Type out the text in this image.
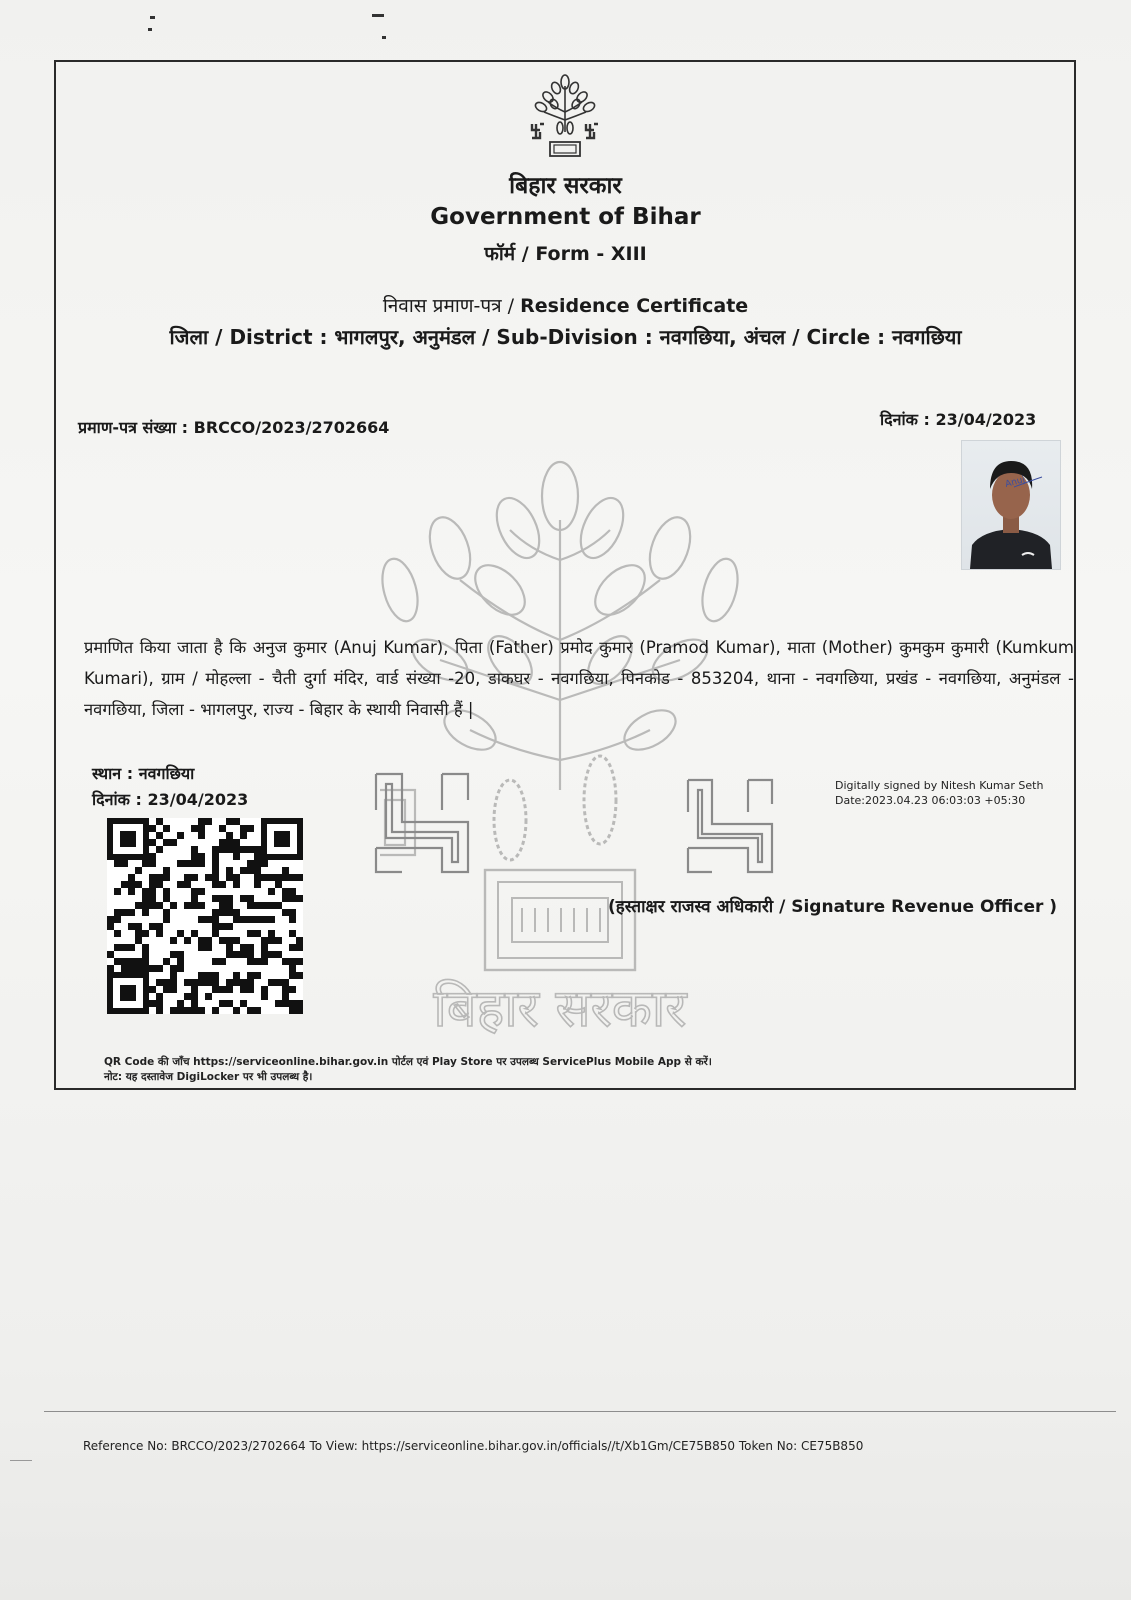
बिहार सरकार
Government of Bihar
फॉर्म / Form - XIII
निवास प्रमाण-पत्र / Residence Certificate
जिला / District : भागलपुर, अनुमंडल / Sub-Division : नवगछिया, अंचल / Circle : नवगछिया
प्रमाण-पत्र संख्या : BRCCO/2023/2702664	दिनांक : 23/04/2023
Anuj
बिहार सरकार
प्रमाणित किया जाता है कि अनुज कुमार (Anuj Kumar), पिता (Father) प्रमोद कुमार (Pramod Kumar), माता (Mother) कुमकुम कुमारी (Kumkum Kumari), ग्राम / मोहल्ला - चैती दुर्गा मंदिर, वार्ड संख्या -20, डाकघर - नवगछिया, पिनकोड - 853204, थाना - नवगछिया, प्रखंड - नवगछिया, अनुमंडल - नवगछिया, जिला - भागलपुर, राज्य - बिहार के स्थायी निवासी हैं |
स्थान : नवगछिया
दिनांक : 23/04/2023
Digitally signed by Nitesh Kumar Seth
Date:2023.04.23 06:03:03 +05:30
(हस्ताक्षर राजस्व अधिकारी / Signature Revenue Officer )
QR Code की जाँच https://serviceonline.bihar.gov.in पोर्टल एवं Play Store पर उपलब्ध ServicePlus Mobile App से करें।
नोट: यह दस्तावेज DigiLocker पर भी उपलब्ध है।
Reference No: BRCCO/2023/2702664 To View: https://serviceonline.bihar.gov.in/officials//t/Xb1Gm/CE75B850 Token No: CE75B850
